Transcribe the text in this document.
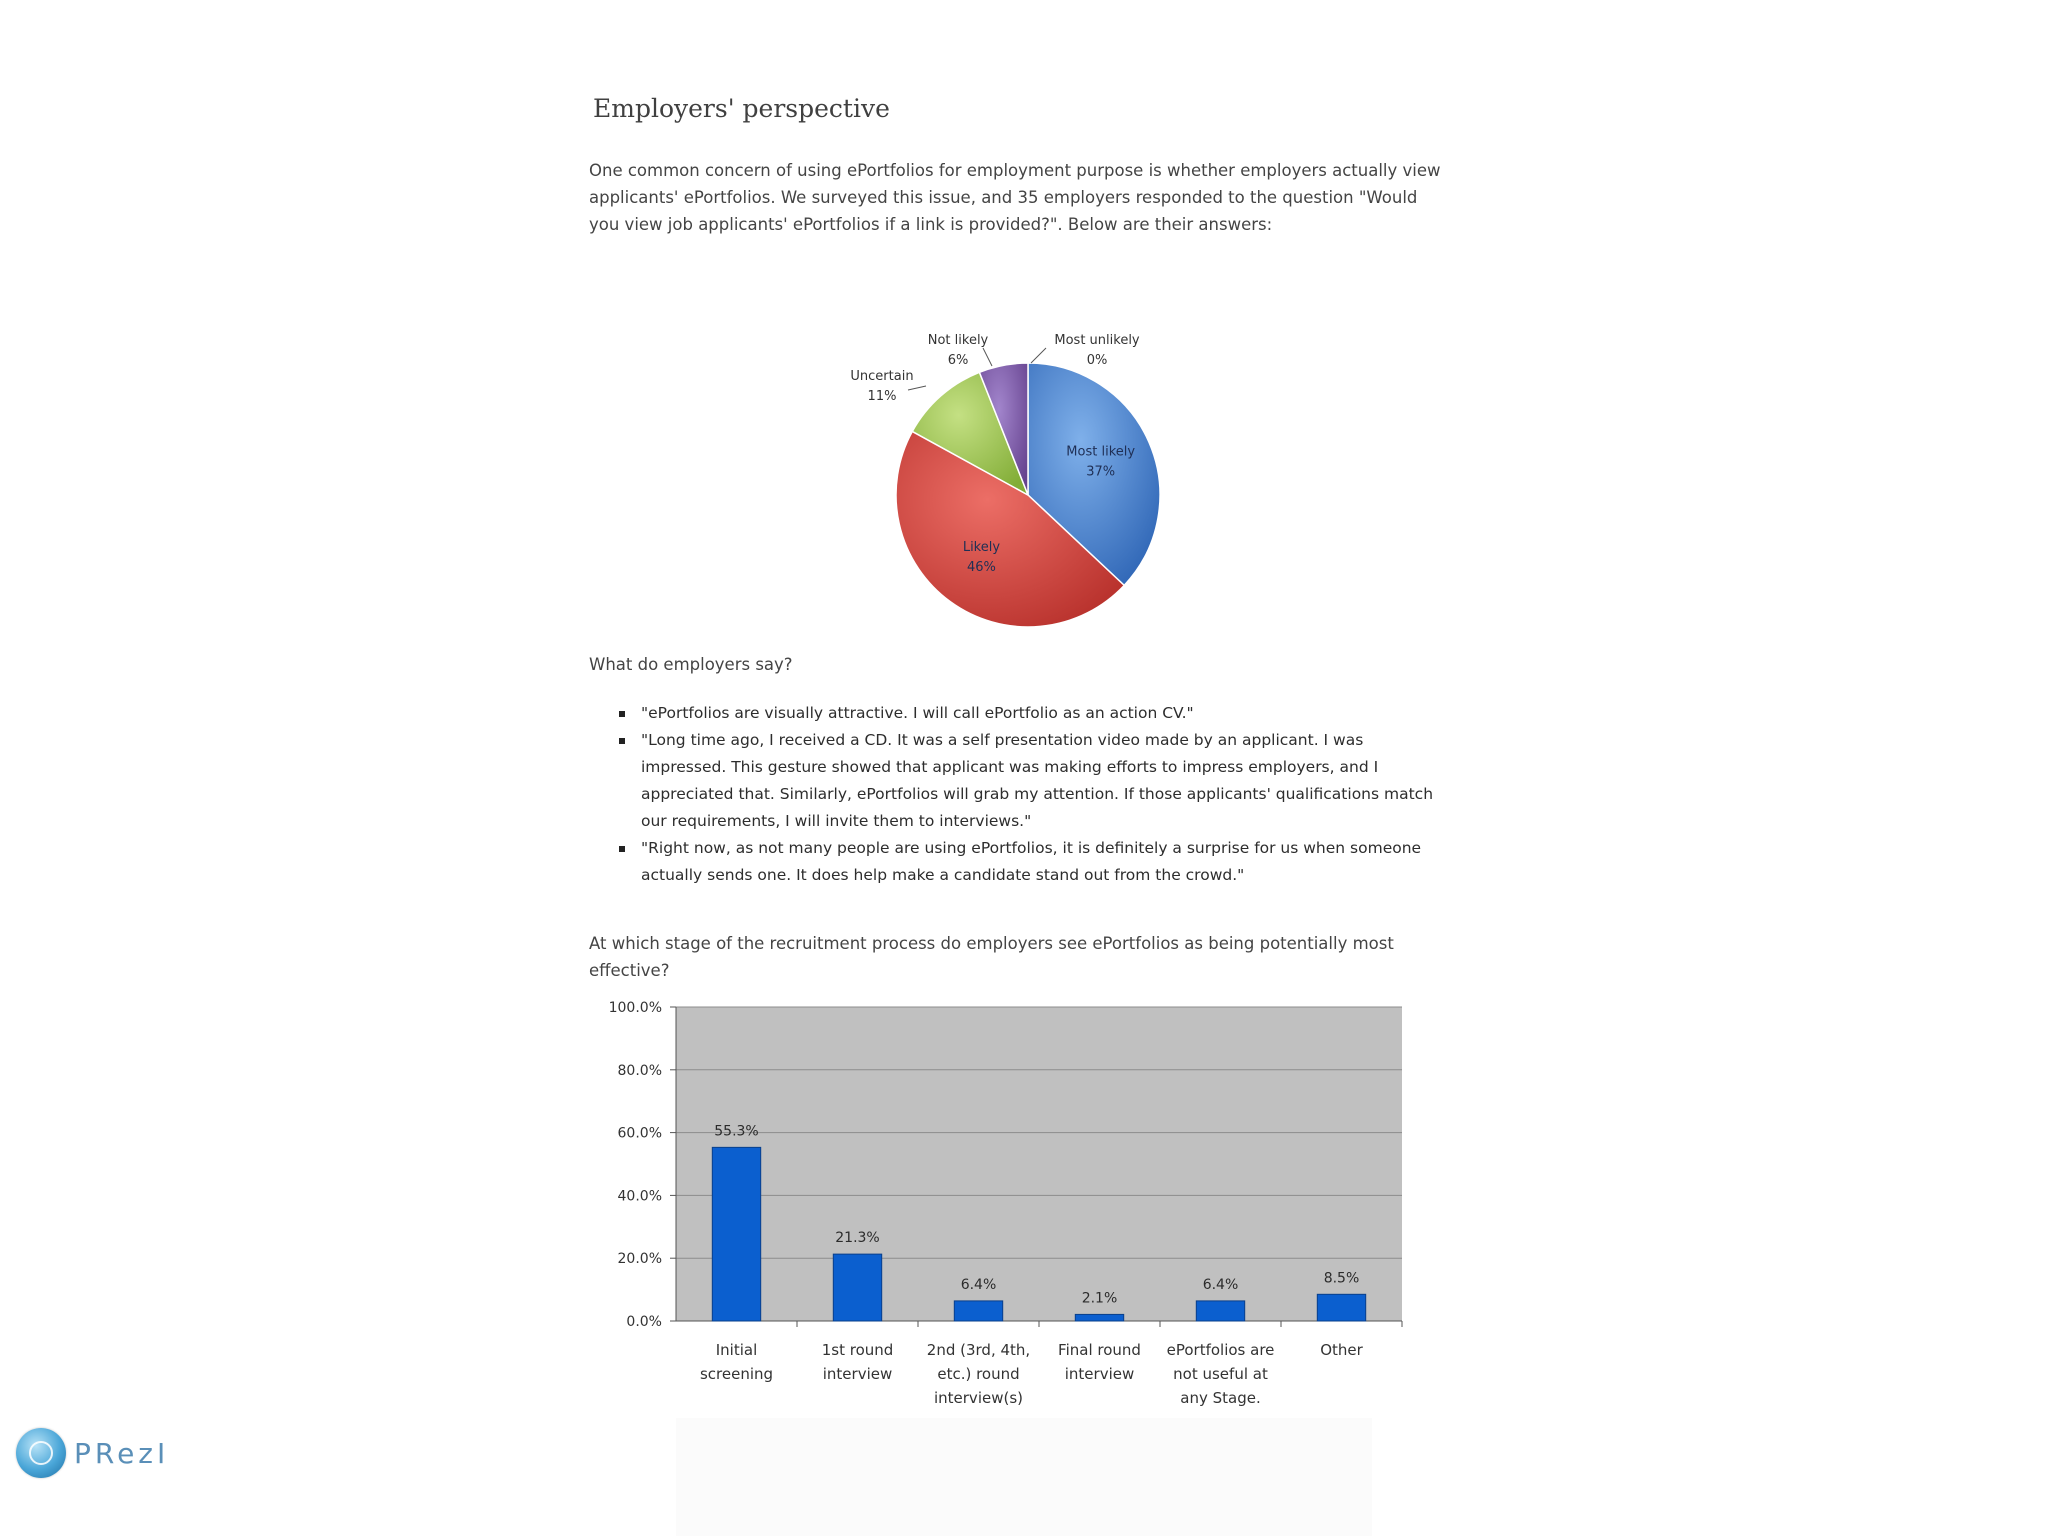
Employers' perspective

One common concern of using ePortfolios for employment purpose is whether employers actually view applicants' ePortfolios. We surveyed this issue, and 35 employers responded to the question "Would you view job applicants' ePortfolios if a link is provided?". Below are their answers:

Most likely
37%
Likely
46%
Uncertain
11%
Not likely
6%
Most unlikely
0%

What do employers say?

"ePortfolios are visually attractive. I will call ePortfolio as an action CV."
"Long time ago, I received a CD. It was a self presentation video made by an applicant. I was impressed. This gesture showed that applicant was making efforts to impress employers, and I appreciated that. Similarly, ePortfolios will grab my attention. If those applicants' qualifications match our requirements, I will invite them to interviews."
"Right now, as not many people are using ePortfolios, it is definitely a surprise for us when someone actually sends one. It does help make a candidate stand out from the crowd."

At which stage of the recruitment process do employers see ePortfolios as being potentially most effective?

0.0%
20.0%
40.0%
60.0%
80.0%
100.0%
55.3%
Initial
screening
21.3%
1st round
interview
6.4%
2nd (3rd, 4th,
etc.) round
interview(s)
2.1%
Final round
interview
6.4%
ePortfolios are
not useful at
any Stage.
8.5%
Other
PRezI
